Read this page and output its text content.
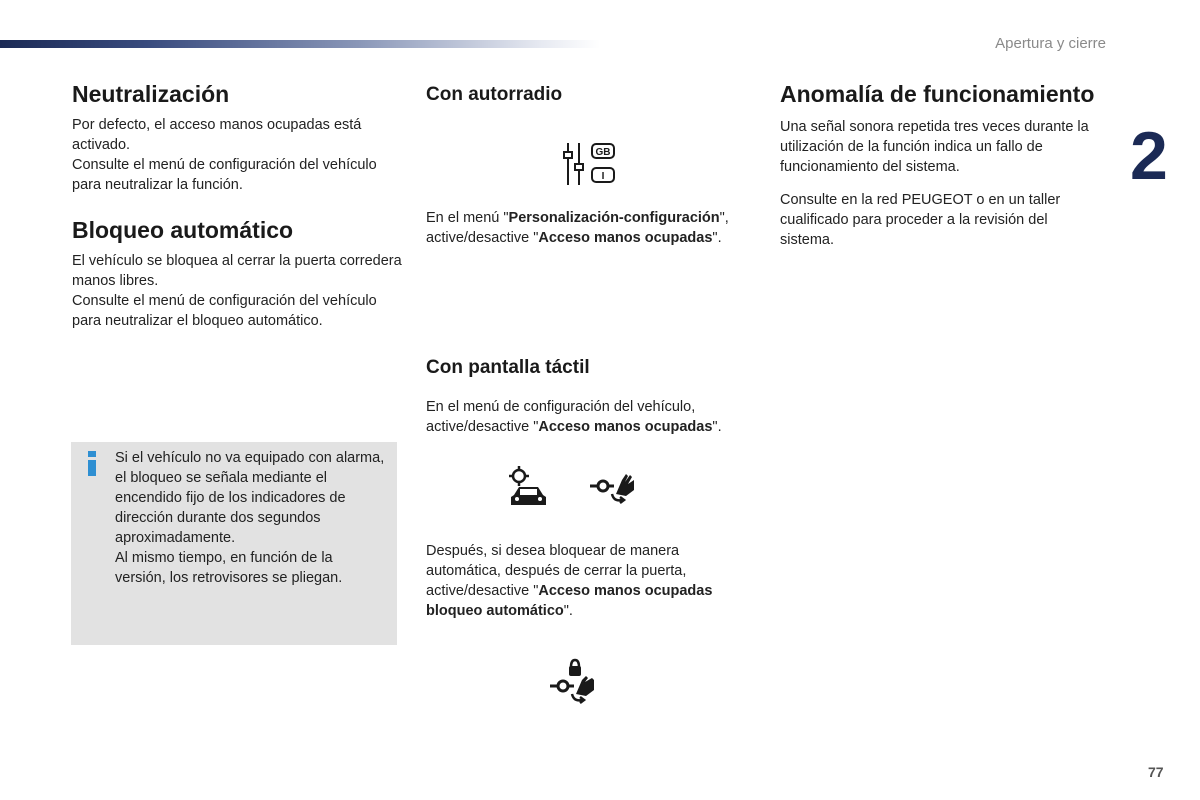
Apertura y cierre
2
77
Neutralización

Por defecto, el acceso manos ocupadas está activado.

Consulte el menú de configuración del vehículo para neutralizar la función.

Bloqueo automático

El vehículo se bloquea al cerrar la puerta corredera manos libres.

Consulte el menú de configuración del vehículo para neutralizar el bloqueo automático.

Si el vehículo no va equipado con alarma, el bloqueo se señala mediante el encendido fijo de los indicadores de dirección durante dos segundos aproximadamente.

Al mismo tiempo, en función de la versión, los retrovisores se pliegan.

Con autorradio
GB
I

En el menú "Personalización-configuración", active/desactive "Acceso manos ocupadas".

Con pantalla táctil

En el menú de configuración del vehículo, active/desactive "Acceso manos ocupadas".

Después, si desea bloquear de manera automática, después de cerrar la puerta, active/desactive "Acceso manos ocupadas bloqueo automático".

Anomalía de funcionamiento

Una señal sonora repetida tres veces durante la utilización de la función indica un fallo de funcionamiento del sistema.

Consulte en la red PEUGEOT o en un taller cualificado para proceder a la revisión del sistema.
